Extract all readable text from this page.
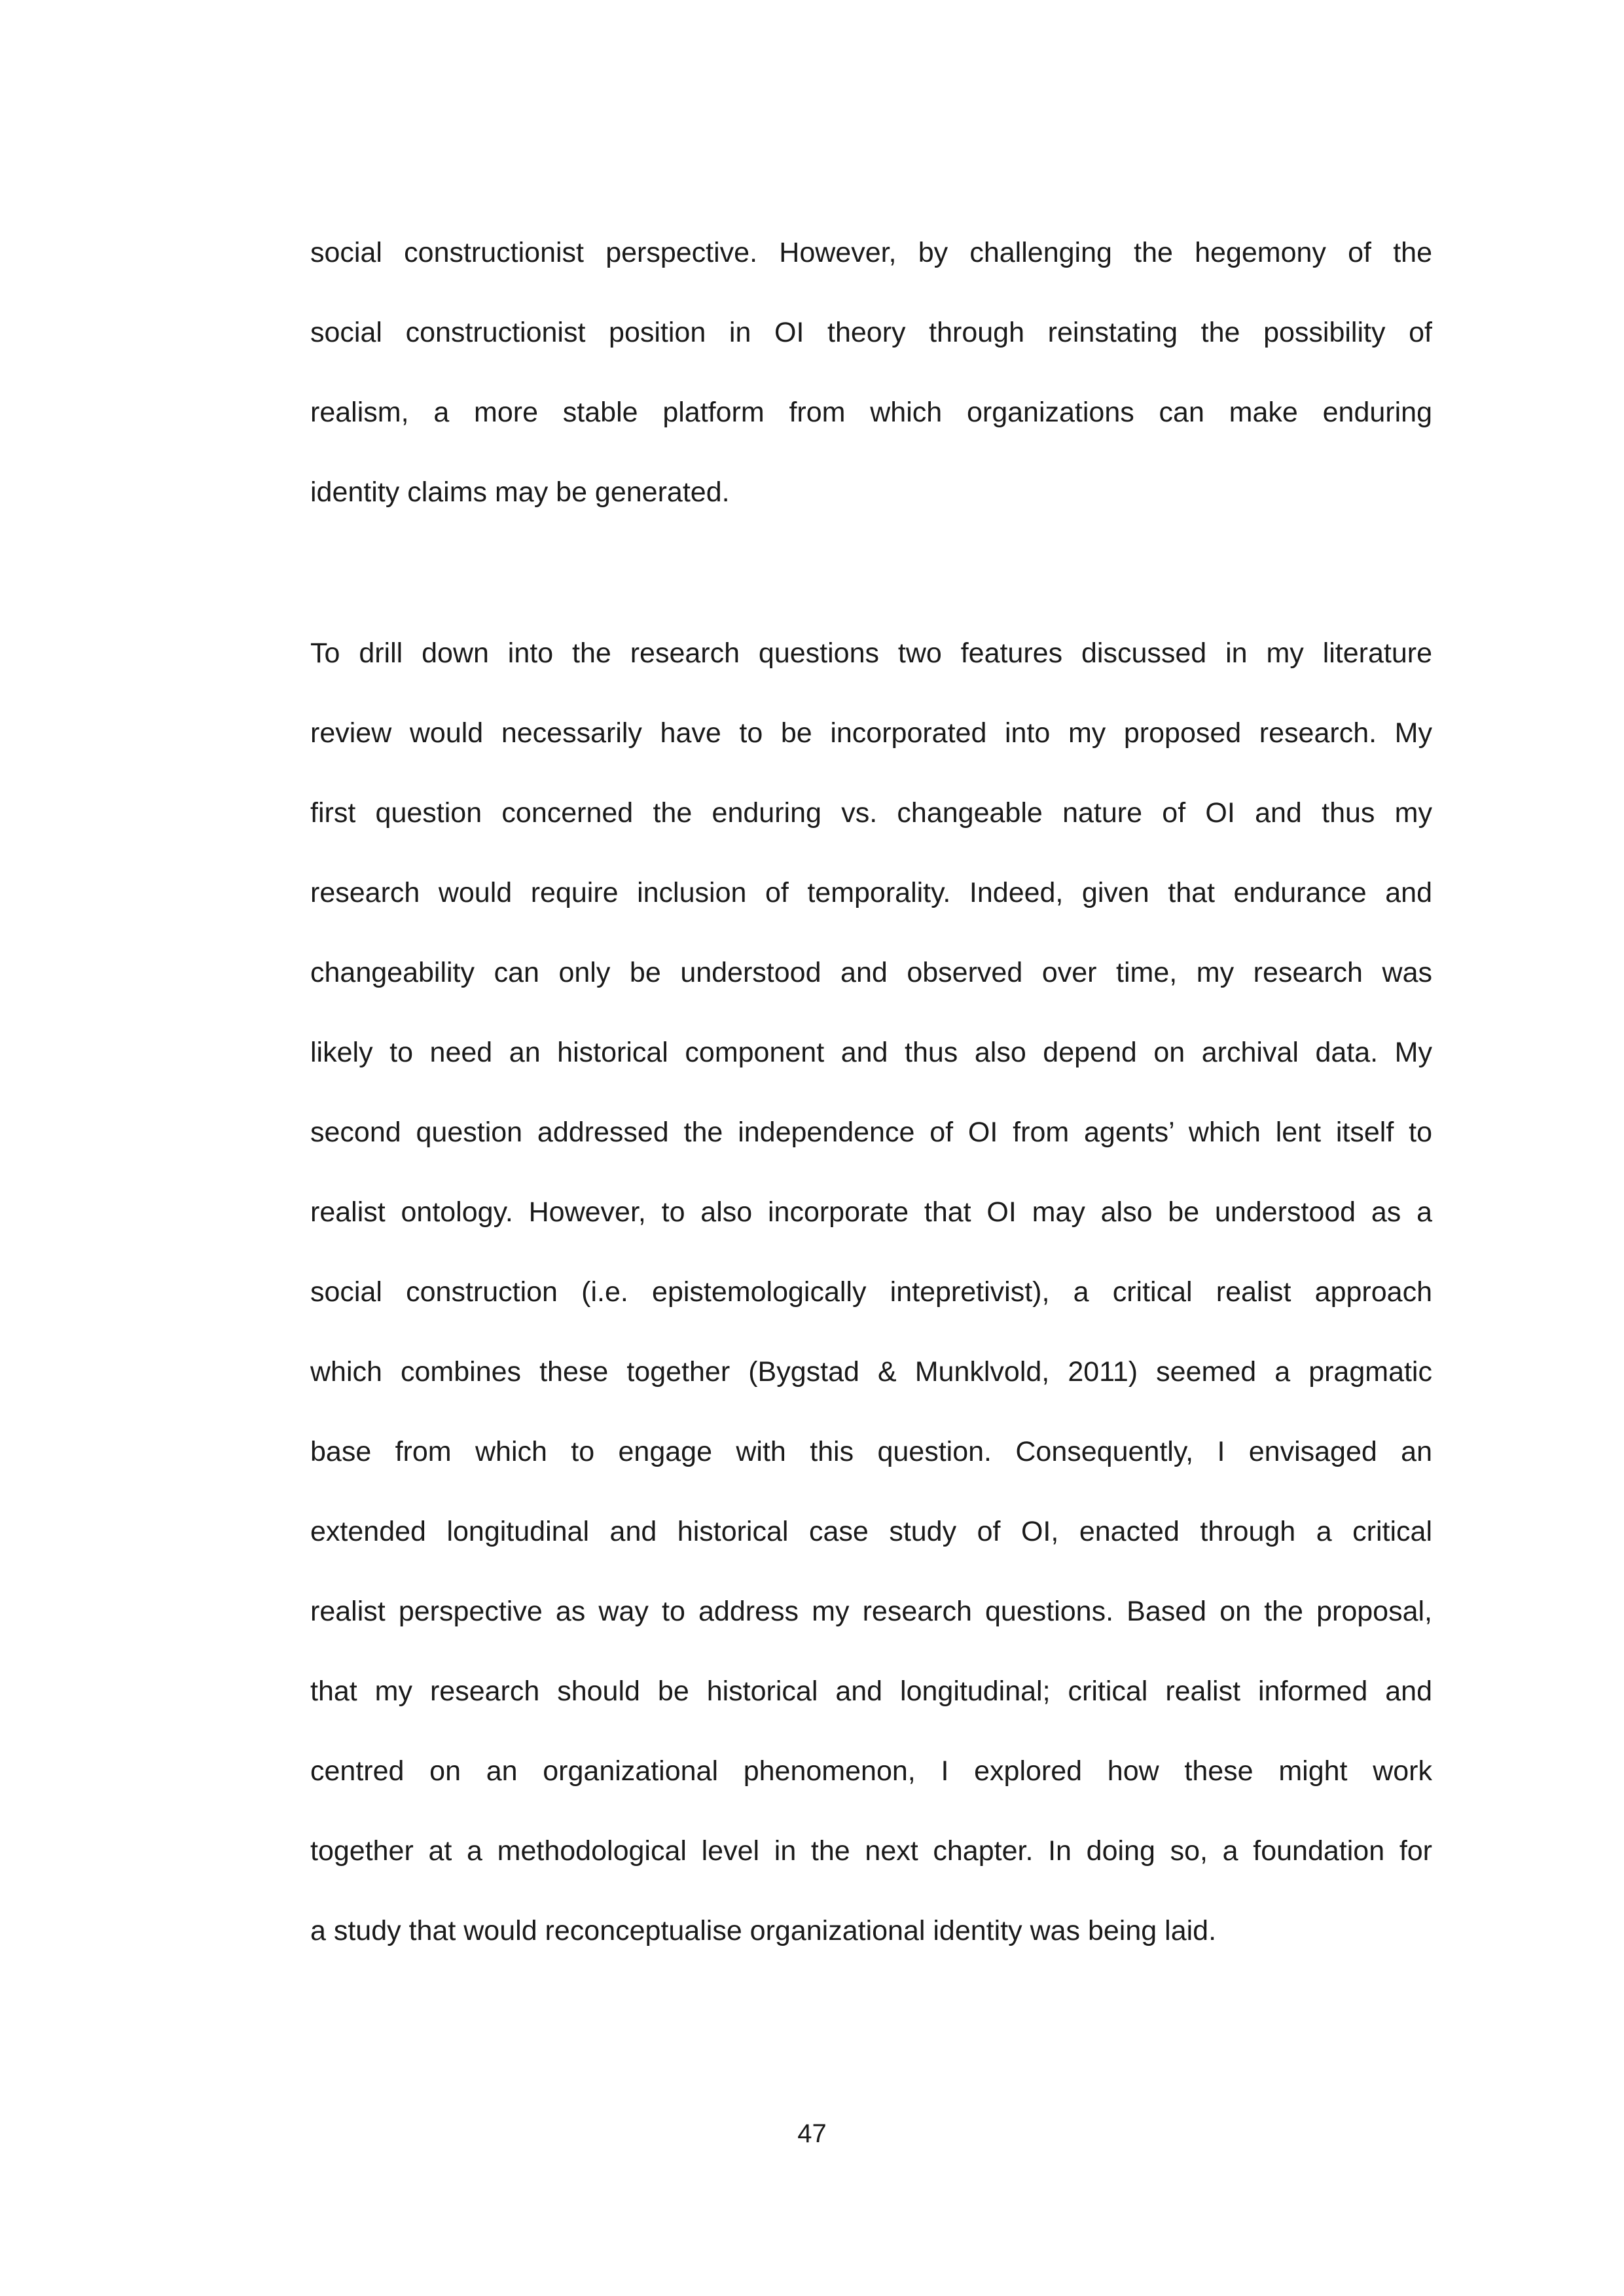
social constructionist perspective. However, by challenging the hegemony of the
social constructionist position in OI theory through reinstating the possibility of
realism, a more stable platform from which organizations can make enduring
identity claims may be generated.
To drill down into the research questions two features discussed in my literature
review would necessarily have to be incorporated into my proposed research. My
first question concerned the enduring vs. changeable nature of OI and thus my
research would require inclusion of temporality. Indeed, given that endurance and
changeability can only be understood and observed over time, my research was
likely to need an historical component and thus also depend on archival data. My
second question addressed the independence of OI from agents’ which lent itself to
realist ontology. However, to also incorporate that OI may also be understood as a
social construction (i.e. epistemologically intepretivist), a critical realist approach
which combines these together (Bygstad & Munklvold, 2011) seemed a pragmatic
base from which to engage with this question. Consequently, I envisaged an
extended longitudinal and historical case study of OI, enacted through a critical
realist perspective as way to address my research questions. Based on the proposal,
that my research should be historical and longitudinal; critical realist informed and
centred on an organizational phenomenon, I explored how these might work
together at a methodological level in the next chapter. In doing so, a foundation for
a study that would reconceptualise organizational identity was being laid.
47
